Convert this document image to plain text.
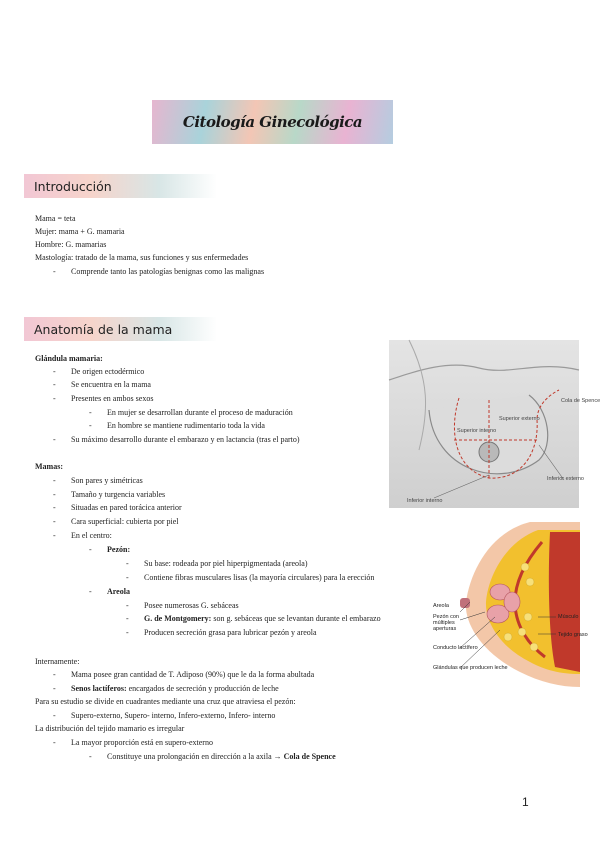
Citología Ginecológica
Introducción
Mama = teta
Mujer: mama + G. mamaria
Hombre: G. mamarias
Mastología: tratado de la mama, sus funciones y sus enfermedades
- Comprende tanto las patologías benignas como las malignas
Anatomía de la mama
Glándula mamaria:
- De origen ectodérmico
- Se encuentra en la mama
- Presentes en ambos sexos
- En mujer se desarrollan durante el proceso de maduración
- En hombre se mantiene rudimentario toda la vida
- Su máximo desarrollo durante el embarazo y en lactancia (tras el parto)
Mamas:
- Son pares y simétricas
- Tamaño y turgencia variables
- Situadas en pared torácica anterior
- Cara superficial: cubierta por piel
- En el centro:
- Pezón:
- Su base: rodeada por piel hiperpigmentada (areola)
- Contiene fibras musculares lisas (la mayoría circulares) para la erección
- Areola
- Posee numerosas G. sebáceas
- G. de Montgomery: son g. sebáceas que se levantan durante el embarazo
- Producen secreción grasa para lubricar pezón y areola
Internamente:
- Mama posee gran cantidad de T. Adiposo (90%) que le da la forma abultada
- Senos lactíferos: encargados de secreción y producción de leche
Para su estudio se divide en cuadrantes mediante una cruz que atraviesa el pezón:
- Supero-externo, Supero- interno, Infero-externo, Infero- interno
La distribución del tejido mamario es irregular
- La mayor proporción está en supero-externo
- Constituye una prolongación en dirección a la axila → Cola de Spence
Cola de Spence
Superior interno
Superior externo
Inferior externo
Inferior interno
Areola
Pezón con múltiples aperturas
Conducto lactífero
Glándulas que producen leche
Músculo
Tejido graso
1
